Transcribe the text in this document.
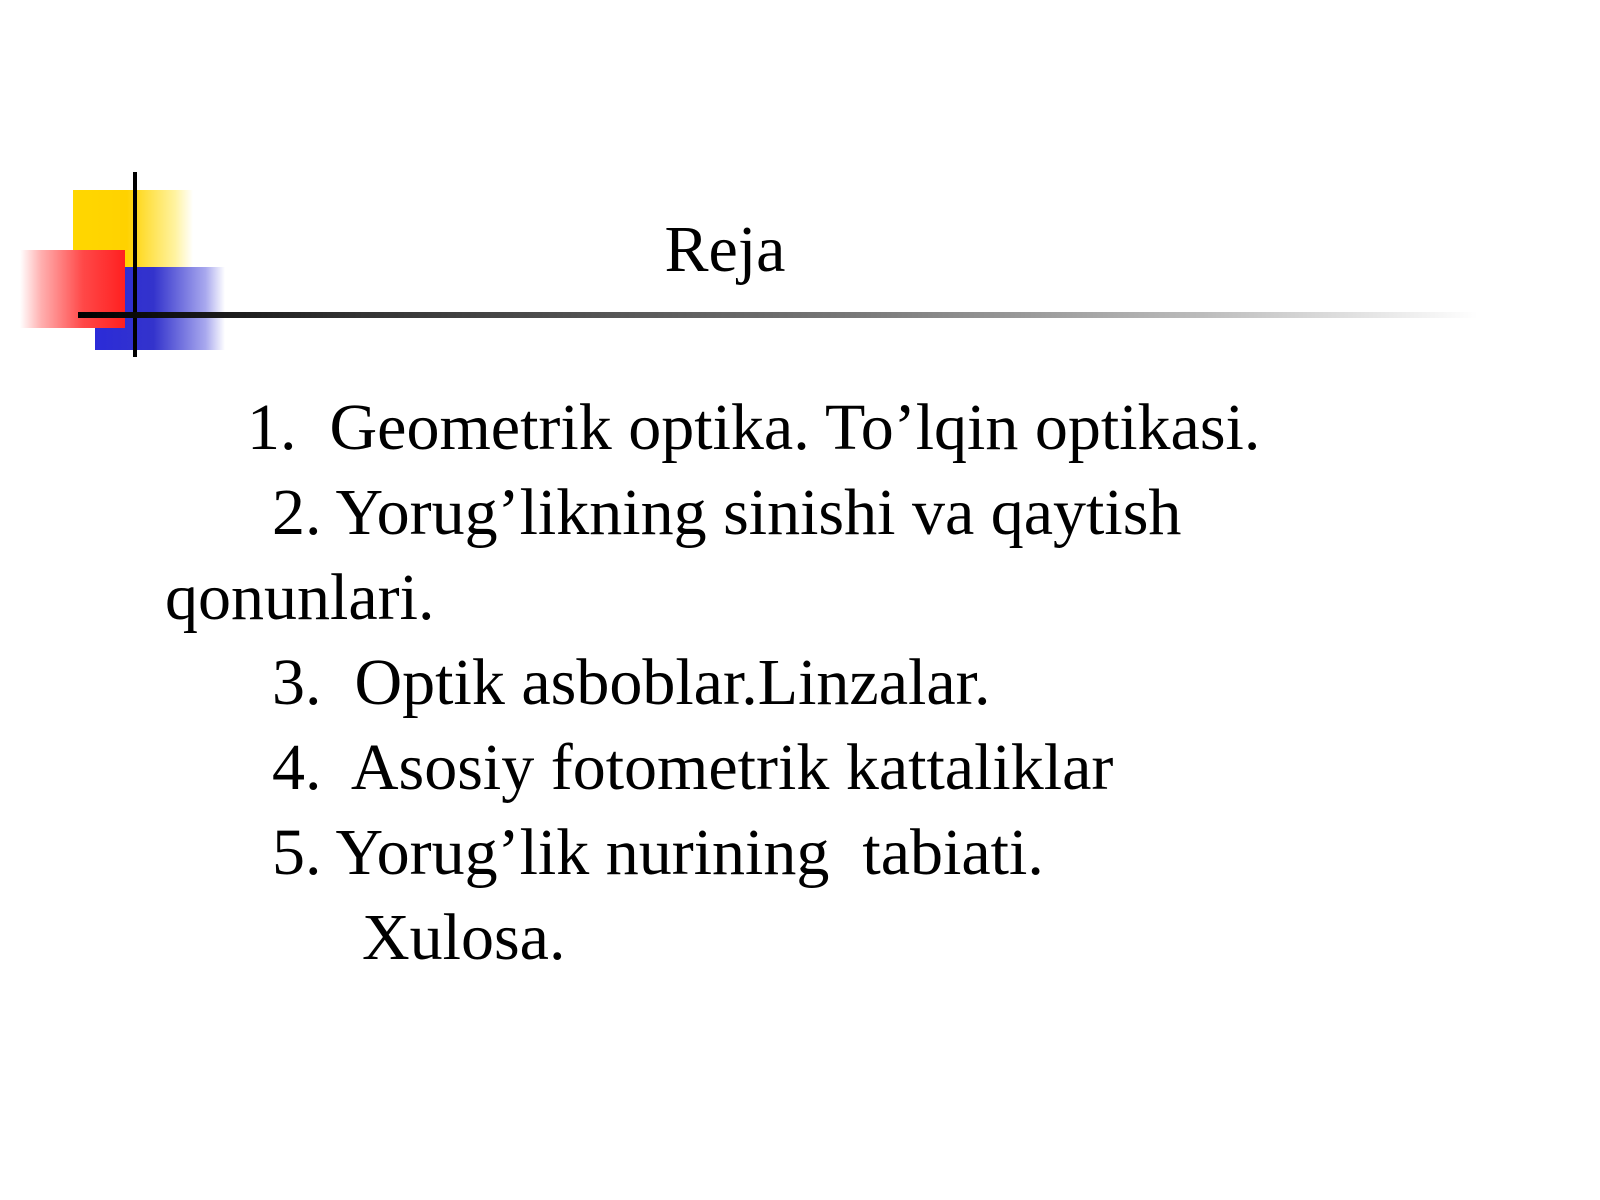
Reja
1.  Geometrik optika. To’lqin optikasi.
2. Yorug’likning sinishi va qaytish
qonunlari.
3.  Optik asboblar.Linzalar.
4.  Asosiy fotometrik kattaliklar
5. Yorug’lik nurining  tabiati.
Xulosa.
